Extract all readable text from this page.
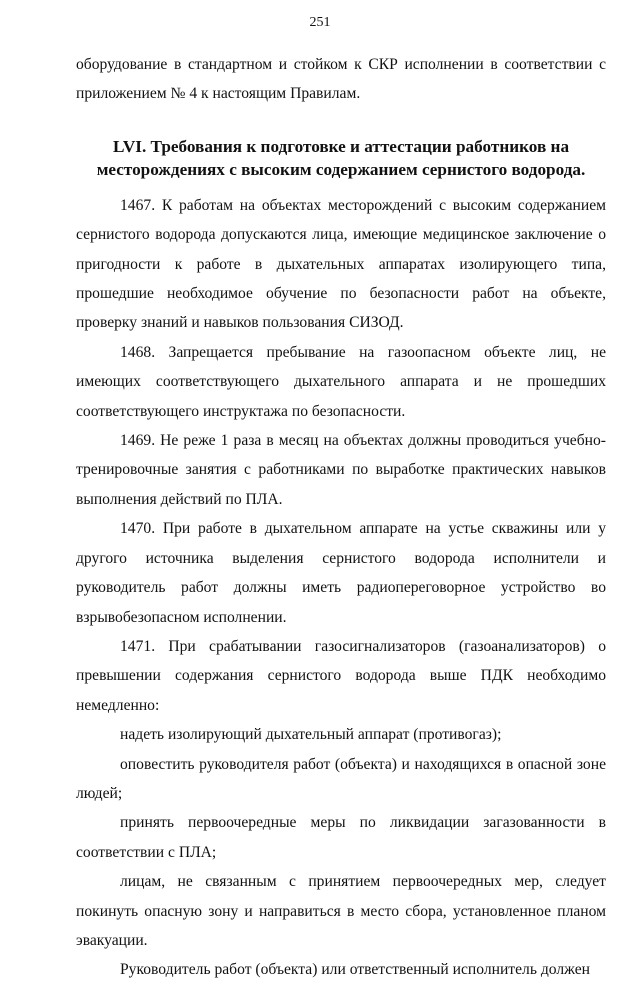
251

оборудование в стандартном и стойком к СКР исполнении в соответствии с приложением № 4 к настоящим Правилам.

LVI. Требования к подготовке и аттестации работников на
месторождениях с высоким содержанием сернистого водорода.

1467. К работам на объектах месторождений с высоким содержанием сернистого водорода допускаются лица, имеющие медицинское заключение о пригодности к работе в дыхательных аппаратах изолирующего типа, прошедшие необходимое обучение по безопасности работ на объекте, проверку знаний и навыков пользования СИЗОД.

1468. Запрещается пребывание на газоопасном объекте лиц, не имеющих соответствующего дыхательного аппарата и не прошедших соответствующего инструктажа по безопасности.

1469. Не реже 1 раза в месяц на объектах должны проводиться учебно-тренировочные занятия с работниками по выработке практических навыков выполнения действий по ПЛА.

1470. При работе в дыхательном аппарате на устье скважины или у другого источника выделения сернистого водорода исполнители и руководитель работ должны иметь радиопереговорное устройство во взрывобезопасном исполнении.

1471. При срабатывании газосигнализаторов (газоанализаторов) о превышении содержания сернистого водорода выше ПДК необходимо немедленно:

надеть изолирующий дыхательный аппарат (противогаз);

оповестить руководителя работ (объекта) и находящихся в опасной зоне людей;

принять первоочередные меры по ликвидации загазованности в соответствии с ПЛА;

лицам, не связанным с принятием первоочередных мер, следует покинуть опасную зону и направиться в место сбора, установленное планом эвакуации.

Руководитель работ (объекта) или ответственный исполнитель должен
